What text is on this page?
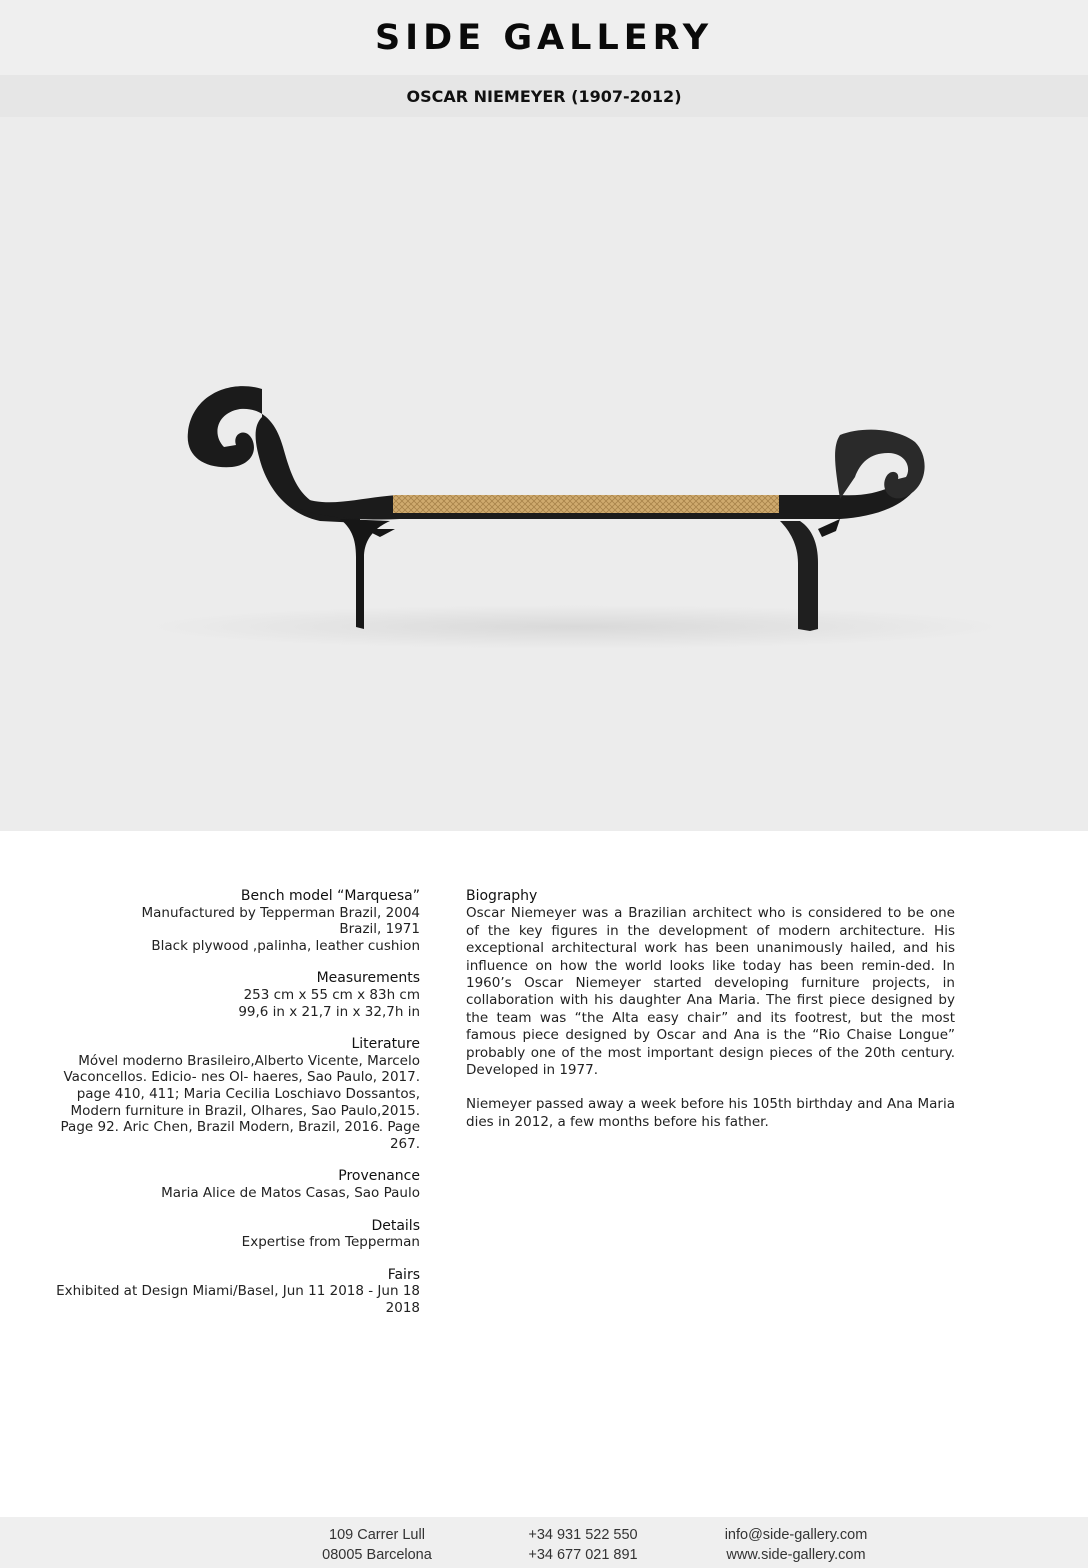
SIDE GALLERY
OSCAR NIEMEYER (1907-2012)
Bench model “Marquesa”
Manufactured by Tepperman Brazil, 2004
Brazil, 1971
Black plywood ,palinha, leather cushion
Measurements
253 cm x 55 cm x 83h cm
99,6 in x 21,7 in x 32,7h in
Literature
Móvel moderno Brasileiro,Alberto Vicente, Marcelo
Vaconcellos. Edicio- nes Ol- haeres, Sao Paulo, 2017.
page 410, 411; Maria Cecilia Loschiavo Dossantos,
Modern furniture in Brazil, Olhares, Sao Paulo,2015.
Page 92. Aric Chen, Brazil Modern, Brazil, 2016. Page
267.
Provenance
Maria Alice de Matos Casas, Sao Paulo
Details
Expertise from Tepperman
Fairs
Exhibited at Design Miami/Basel, Jun 11 2018 - Jun 18
2018
Biography

Oscar Niemeyer was a Brazilian architect who is considered to be one of the key figures in the development of modern architecture. His exceptional architectural work has been unanimously hailed, and his influence on how the world looks like today has been remin-ded. In 1960’s Oscar Niemeyer started developing furniture projects, in collaboration with his daughter Ana Maria. The first piece designed by the team was “the Alta easy chair” and its footrest, but the most famous piece designed by Oscar and Ana is the “Rio Chaise Longue” probably one of the most important design pieces of the 20th century. Developed in 1977.

Niemeyer passed away a week before his 105th birthday and Ana Maria dies in 2012, a few months before his father.

109 Carrer Lull
08005 Barcelona
+34 931 522 550
+34 677 021 891
info@side-gallery.com
www.side-gallery.com
